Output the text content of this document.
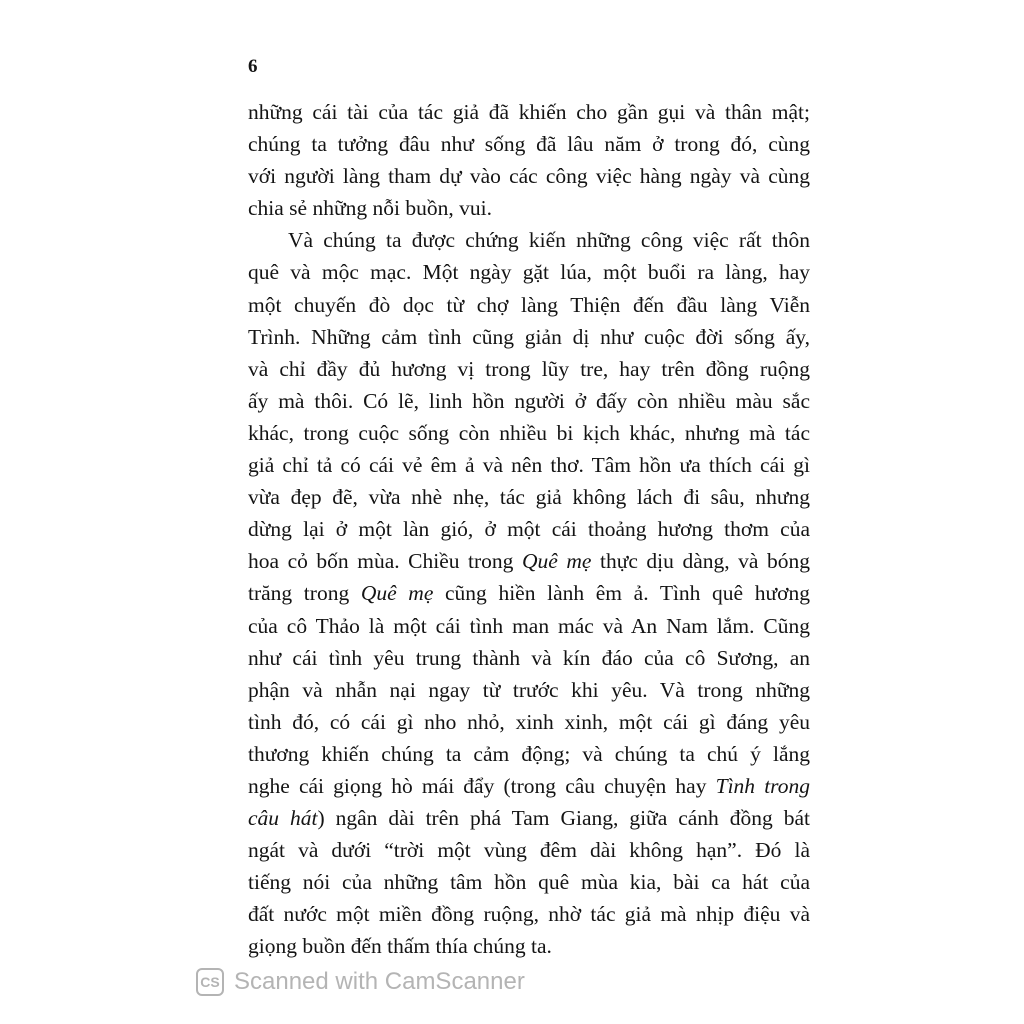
6
những cái tài của tác giả đã khiến cho gần gụi và thân mật;
chúng ta tưởng đâu như sống đã lâu năm ở trong đó, cùng
với người làng tham dự vào các công việc hàng ngày và cùng
chia sẻ những nỗi buồn, vui.
Và chúng ta được chứng kiến những công việc rất thôn
quê và mộc mạc. Một ngày gặt lúa, một buổi ra làng, hay
một chuyến đò dọc từ chợ làng Thiện đến đầu làng Viễn
Trình. Những cảm tình cũng giản dị như cuộc đời sống ấy,
và chỉ đầy đủ hương vị trong lũy tre, hay trên đồng ruộng
ấy mà thôi. Có lẽ, linh hồn người ở đấy còn nhiều màu sắc
khác, trong cuộc sống còn nhiều bi kịch khác, nhưng mà tác
giả chỉ tả có cái vẻ êm ả và nên thơ. Tâm hồn ưa thích cái gì
vừa đẹp đẽ, vừa nhè nhẹ, tác giả không lách đi sâu, nhưng
dừng lại ở một làn gió, ở một cái thoảng hương thơm của
hoa cỏ bốn mùa. Chiều trong Quê mẹ thực dịu dàng, và bóng
trăng trong Quê mẹ cũng hiền lành êm ả. Tình quê hương
của cô Thảo là một cái tình man mác và An Nam lắm. Cũng
như cái tình yêu trung thành và kín đáo của cô Sương, an
phận và nhẫn nại ngay từ trước khi yêu. Và trong những
tình đó, có cái gì nho nhỏ, xinh xinh, một cái gì đáng yêu
thương khiến chúng ta cảm động; và chúng ta chú ý lắng
nghe cái giọng hò mái đẩy (trong câu chuyện hay Tình trong
câu hát) ngân dài trên phá Tam Giang, giữa cánh đồng bát
ngát và dưới “trời một vùng đêm dài không hạn”. Đó là
tiếng nói của những tâm hồn quê mùa kia, bài ca hát của
đất nước một miền đồng ruộng, nhờ tác giả mà nhịp điệu và
giọng buồn đến thấm thía chúng ta.
CS Scanned with CamScanner
